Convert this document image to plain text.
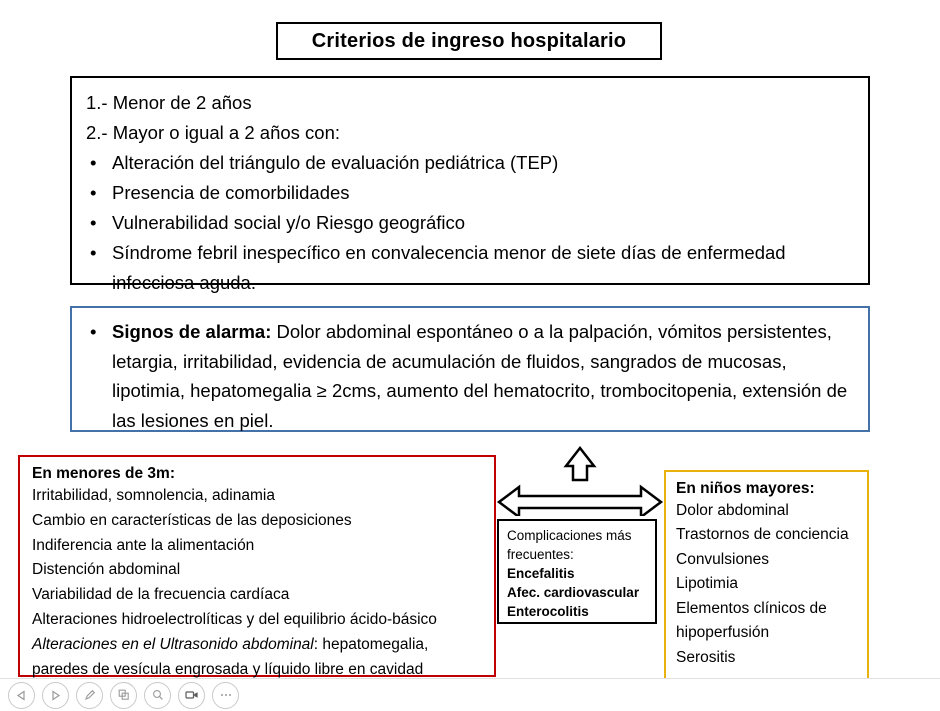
Criterios de ingreso hospitalario
1.- Menor de 2 años
2.- Mayor o igual a 2 años con:
• Alteración del triángulo de evaluación pediátrica (TEP)
• Presencia de comorbilidades
• Vulnerabilidad social y/o Riesgo geográfico
• Síndrome febril inespecífico en convalecencia menor de siete días de enfermedad infecciosa aguda.
• Signos de alarma: Dolor abdominal espontáneo o a la palpación, vómitos persistentes, letargia, irritabilidad, evidencia de acumulación de fluidos, sangrados de mucosas, lipotimia, hepatomegalia ≥ 2cms, aumento del hematocrito, trombocitopenia, extensión de las lesiones en piel.
En menores de 3m:
Irritabilidad, somnolencia, adinamia
Cambio en características de las deposiciones
Indiferencia ante la alimentación
Distención abdominal
Variabilidad de la frecuencia cardíaca
Alteraciones hidroelectrolíticas y del equilibrio ácido-básico
Alteraciones en el Ultrasonido abdominal: hepatomegalia,
paredes de vesícula engrosada y líquido libre en cavidad
En niños mayores:
Dolor abdominal
Trastornos de conciencia
Convulsiones
Lipotimia
Elementos clínicos de
hipoperfusión
Serositis
Complicaciones más
frecuentes:
Encefalitis
Afec. cardiovascular
Enterocolitis
